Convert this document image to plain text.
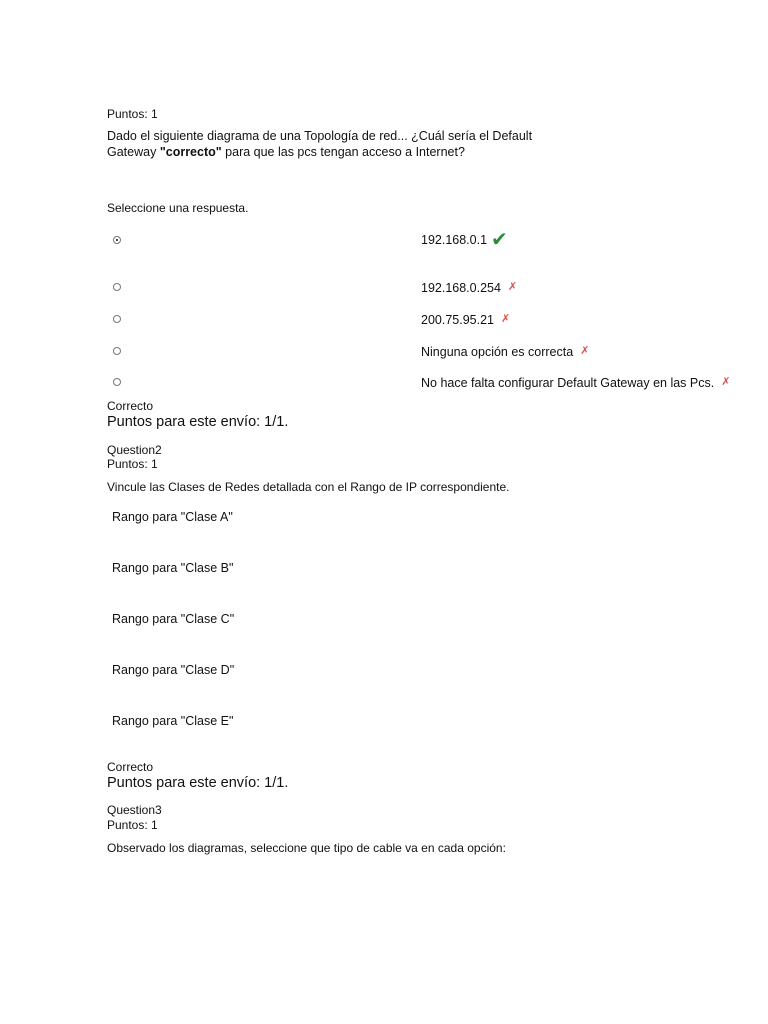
Puntos: 1
Dado el siguiente diagrama de una Topología de red... ¿Cuál sería el Default Gateway "correcto" para que las pcs tengan acceso a Internet?
Seleccione una respuesta.
192.168.0.1 ✔
192.168.0.254 ✗
200.75.95.21 ✗
Ninguna opción es correcta ✗
No hace falta configurar Default Gateway en las Pcs. ✗
Correcto
Puntos para este envío: 1/1.
Question2
Puntos: 1
Vincule las Clases de Redes detallada con el Rango de IP correspondiente.
Rango para "Clase A"
Rango para "Clase B"
Rango para "Clase C"
Rango para "Clase D"
Rango para "Clase E"
Correcto
Puntos para este envío: 1/1.
Question3
Puntos: 1
Observado los diagramas, seleccione que tipo de cable va en cada opción:
